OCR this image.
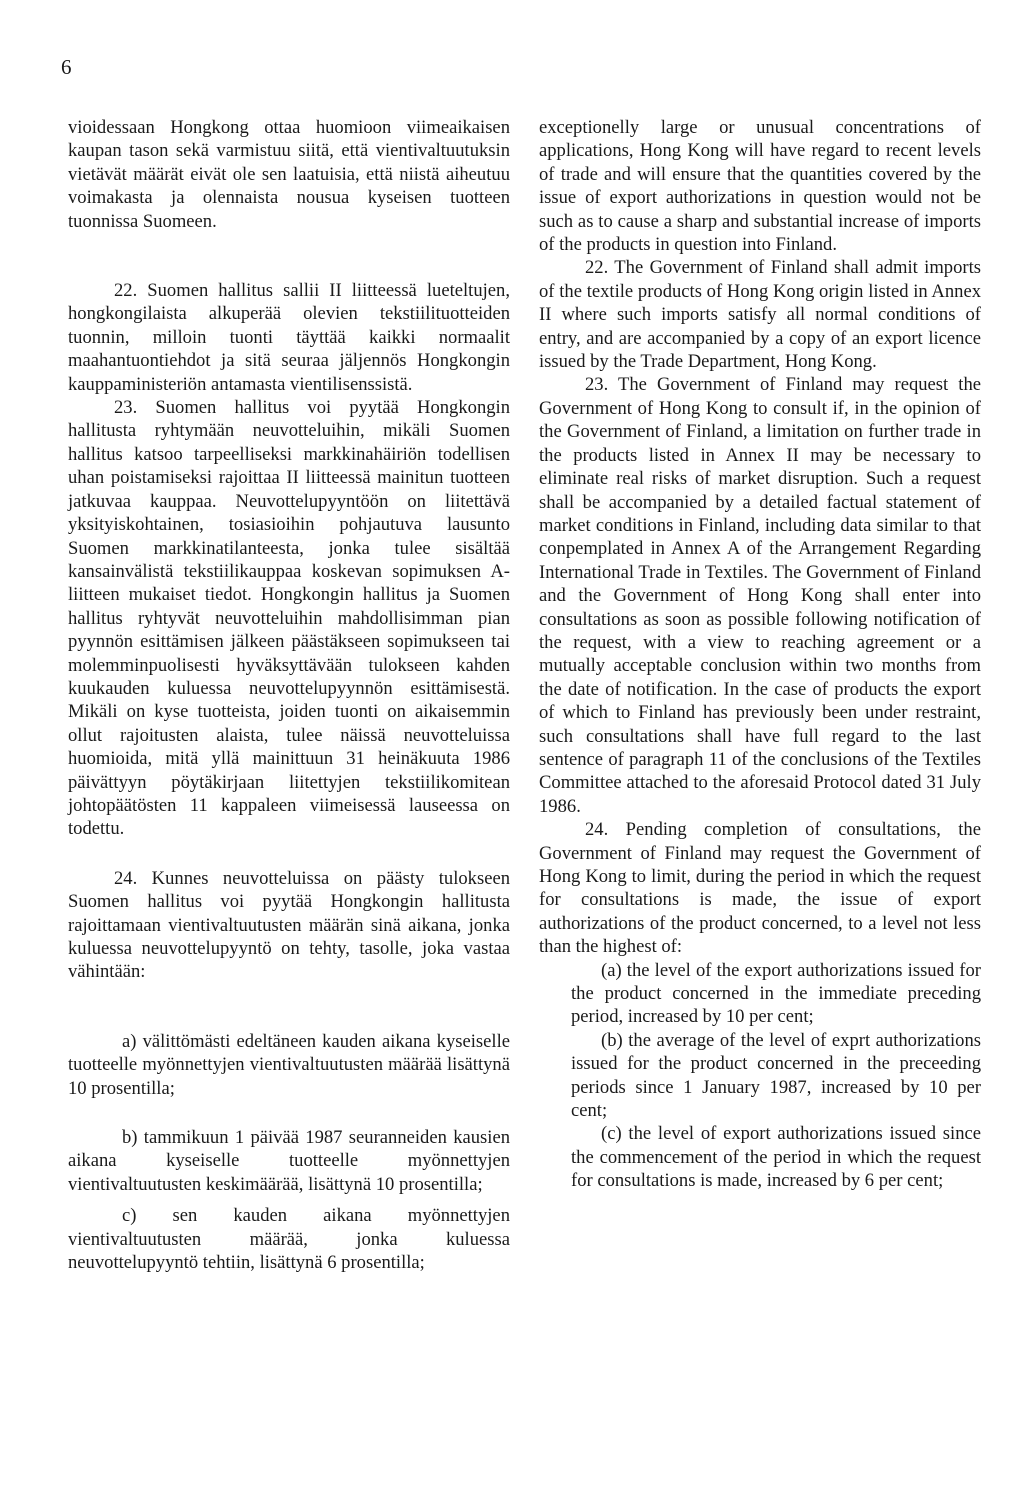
6

vioidessaan Hongkong ottaa huomioon viimeaikaisen kaupan tason sekä varmistuu siitä, että vientivaltuutuksin vietävät määrät eivät ole sen laatuisia, että niistä aiheutuu voimakasta ja olennaista nousua kyseisen tuotteen tuonnissa Suomeen.

22. Suomen hallitus sallii II liitteessä lueteltujen, hongkongilaista alkuperää olevien tekstiilituotteiden tuonnin, milloin tuonti täyttää kaikki normaalit maahantuontiehdot ja sitä seuraa jäljennös Hongkongin kauppaministeriön antamasta vientilisenssistä.

23. Suomen hallitus voi pyytää Hongkongin hallitusta ryhtymään neuvotteluihin, mikäli Suomen hallitus katsoo tarpeelliseksi markkinahäiriön todellisen uhan poistamiseksi rajoittaa II liitteessä mainitun tuotteen jatkuvaa kauppaa. Neuvottelupyyntöön on liitettävä yksityiskohtainen, tosiasioihin pohjautuva lausunto Suomen markkinatilanteesta, jonka tulee sisältää kansainvälistä tekstiilikauppaa koskevan sopimuksen A-liitteen mukaiset tiedot. Hongkongin hallitus ja Suomen hallitus ryhtyvät neuvotteluihin mahdollisimman pian pyynnön esittämisen jälkeen päästäkseen sopimukseen tai molemminpuolisesti hyväksyttävään tulokseen kahden kuukauden kuluessa neuvottelupyynnön esittämisestä. Mikäli on kyse tuotteista, joiden tuonti on aikaisemmin ollut rajoitusten alaista, tulee näissä neuvotteluissa huomioida, mitä yllä mainittuun 31 heinäkuuta 1986 päivättyyn pöytäkirjaan liitettyjen tekstiilikomitean johtopäätösten 11 kappaleen viimeisessä lauseessa on todettu.

24. Kunnes neuvotteluissa on päästy tulokseen Suomen hallitus voi pyytää Hongkongin hallitusta rajoittamaan vientivaltuutusten määrän sinä aikana, jonka kuluessa neuvottelupyyntö on tehty, tasolle, joka vastaa vähintään:

a) välittömästi edeltäneen kauden aikana kyseiselle tuotteelle myönnettyjen vientivaltuutusten määrää lisättynä 10 prosentilla;

b) tammikuun 1 päivää 1987 seuranneiden kausien aikana kyseiselle tuotteelle myönnettyjen vientivaltuutusten keskimäärää, lisättynä 10 prosentilla;

c) sen kauden aikana myönnettyjen vientivaltuutusten määrää, jonka kuluessa neuvottelupyyntö tehtiin, lisättynä 6 prosentilla;

exceptionelly large or unusual concentrations of applications, Hong Kong will have regard to recent levels of trade and will ensure that the quantities covered by the issue of export authorizations in question would not be such as to cause a sharp and substantial increase of imports of the products in question into Finland.

22. The Government of Finland shall admit imports of the textile products of Hong Kong origin listed in Annex II where such imports satisfy all normal conditions of entry, and are accompanied by a copy of an export licence issued by the Trade Department, Hong Kong.

23. The Government of Finland may request the Government of Hong Kong to consult if, in the opinion of the Government of Finland, a limitation on further trade in the products listed in Annex II may be necessary to eliminate real risks of market disruption. Such a request shall be accompanied by a detailed factual statement of market conditions in Finland, including data similar to that conpemplated in Annex A of the Arrangement Regarding International Trade in Textiles. The Government of Finland and the Government of Hong Kong shall enter into consultations as soon as possible following notification of the request, with a view to reaching agreement or a mutually acceptable conclusion within two months from the date of notification. In the case of products the export of which to Finland has previously been under restraint, such consultations shall have full regard to the last sentence of paragraph 11 of the conclusions of the Textiles Committee attached to the aforesaid Protocol dated 31 July 1986.

24. Pending completion of consultations, the Government of Finland may request the Government of Hong Kong to limit, during the period in which the request for consultations is made, the issue of export authorizations of the product concerned, to a level not less than the highest of:

(a) the level of the export authorizations issued for the product concerned in the immediate preceding period, increased by 10 per cent;

(b) the average of the level of exprt authorizations issued for the product concerned in the preceeding periods since 1 January 1987, increased by 10 per cent;

(c) the level of export authorizations issued since the commencement of the period in which the request for consultations is made, increased by 6 per cent;
